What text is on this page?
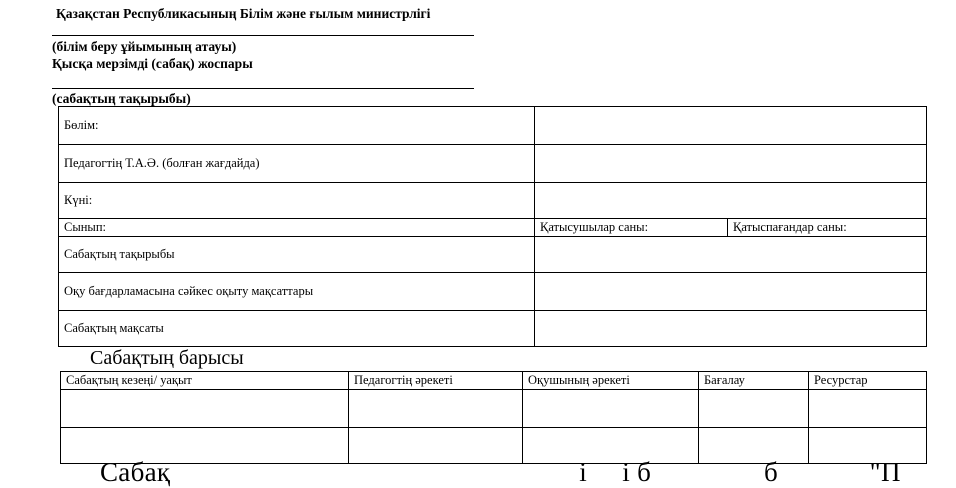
Қазақстан Республикасының Білім және ғылым министрлігі
(білім беру ұйымының атауы)
Қысқа мерзімді (сабақ) жоспары
(сабақтың тақырыбы)
Бөлім:		
Педагогтің Т.А.Ә. (болған жағдайда)		
Күні:		
Сынып:	Қатысушылар саны:	Қатыспағандар саны:
Сабақтың тақырыбы		
Оқу бағдарламасына сәйкес оқыту мақсаттары		
Сабақтың мақсаты		
Сабақтың барысы
Сабақтың кезеңі/ уақыт	Педагогтің әрекеті	Оқушының әрекеті	Бағалау	Ресурстар

Сабақ                                                          і     і б                б             "П
